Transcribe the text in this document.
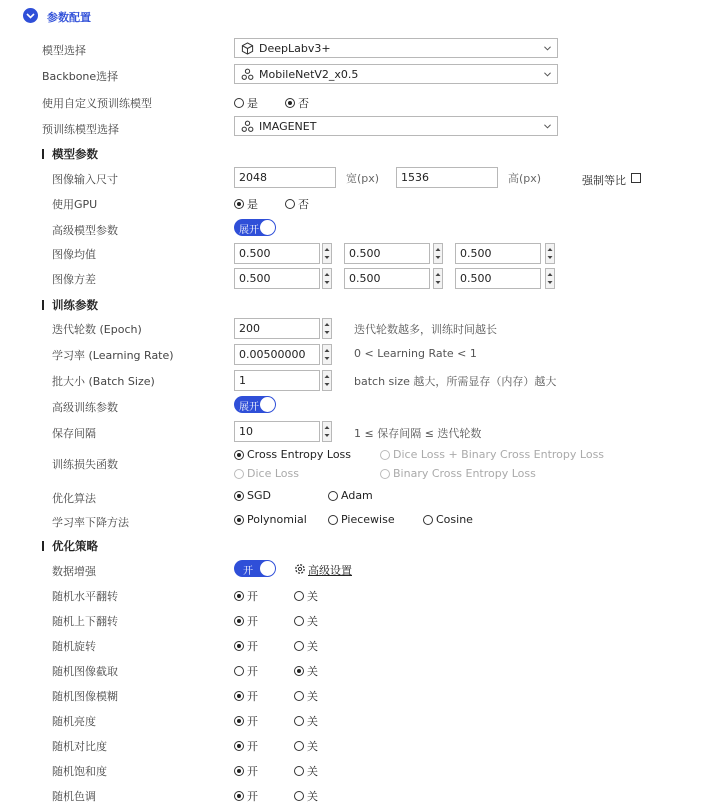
参数配置
模型选择	DeepLabv3+
Backbone选择	MobileNetV2_x0.5
使用自定义预训练模型	是	否
预训练模型选择	IMAGENET
模型参数
图像输入尺寸	2048	宽(px)	1536	高(px)	强制等比
使用GPU	是	否
高级模型参数	展开
图像均值	0.500	0.500	0.500
图像方差	0.500	0.500	0.500
训练参数
迭代轮数 (Epoch)	200	迭代轮数越多，训练时间越长
学习率 (Learning Rate)	0.00500000	0 < Learning Rate < 1
批大小 (Batch Size)	1	batch size 越大，所需显存（内存）越大
高级训练参数	展开
保存间隔	10	1 ≤ 保存间隔 ≤ 迭代轮数
训练损失函数
Cross Entropy Loss	Dice Loss + Binary Cross Entropy Loss
Dice Loss	Binary Cross Entropy Loss
优化算法	SGD	Adam
学习率下降方法	Polynomial	Piecewise	Cosine
优化策略
数据增强	开	高级设置
随机水平翻转	开	关
随机上下翻转	开	关
随机旋转	开	关
随机图像截取	开	关
随机图像模糊	开	关
随机亮度	开	关
随机对比度	开	关
随机饱和度	开	关
随机色调	开	关
